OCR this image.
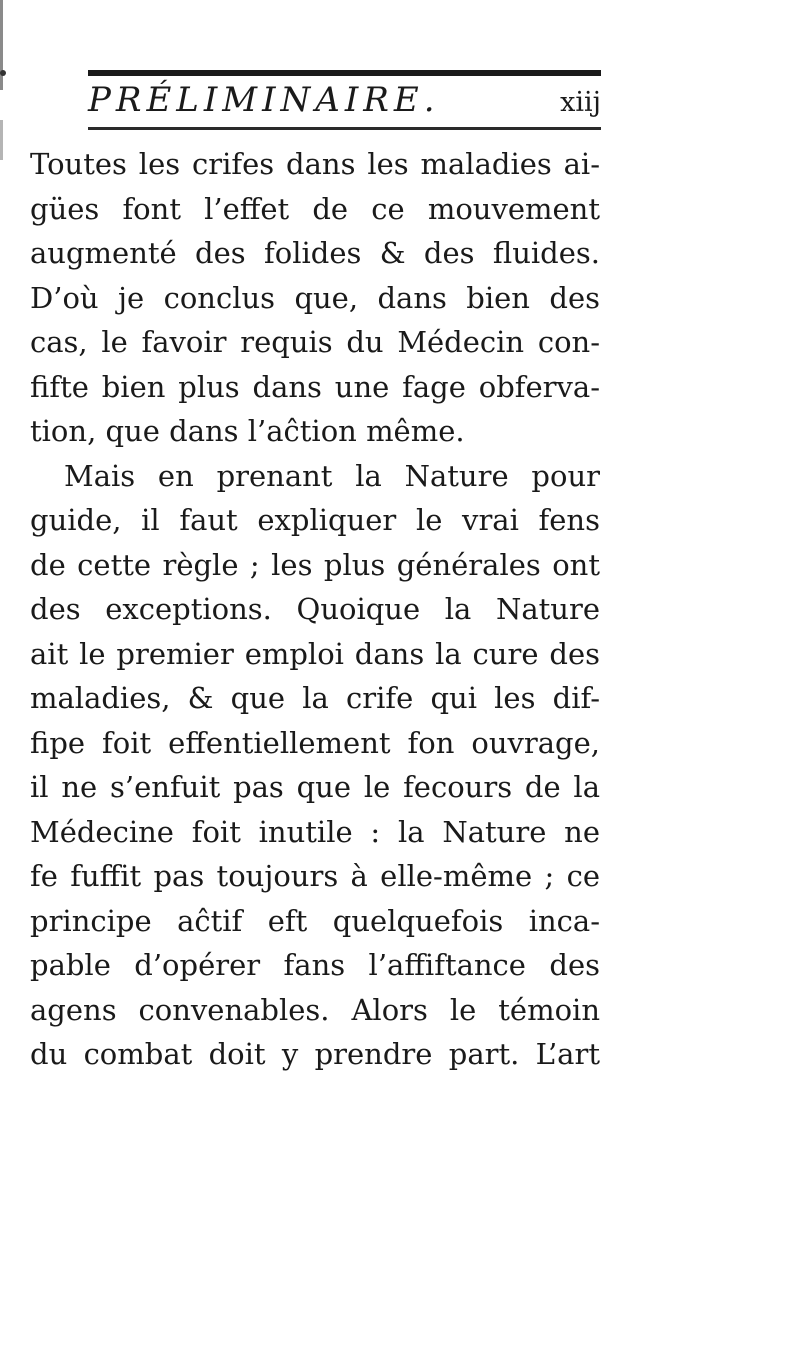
PRÉLIMINAIRE.	xiij
Toutes les crifes dans les maladies ai-
gües font l’effet de ce mouvement
augmenté des folides & des fluides.
D’où je conclus que, dans bien des
cas, le favoir requis du Médecin con-
fifte bien plus dans une fage obferva-
tion, que dans l’aĉtion même.
Mais en prenant la Nature pour
guide, il faut expliquer le vrai fens
de cette règle ; les plus générales ont
des exceptions. Quoique la Nature
ait le premier emploi dans la cure des
maladies, & que la crife qui les dif-
fipe foit effentiellement fon ouvrage,
il ne s’enfuit pas que le fecours de la
Médecine foit inutile : la Nature ne
fe fuffit pas toujours à elle-même ; ce
principe aĉtif eft quelquefois inca-
pable d’opérer fans l’affiftance des
agens convenables. Alors le témoin
du combat doit y prendre part. L’art
